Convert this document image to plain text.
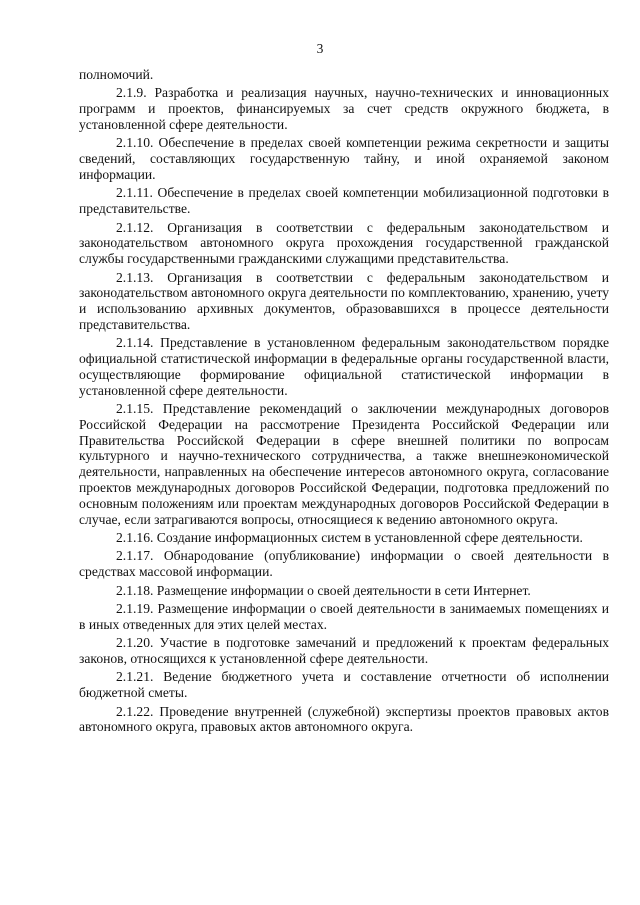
3

полномочий.

2.1.9. Разработка и реализация научных, научно-технических и инновационных программ и проектов, финансируемых за счет средств окружного бюджета, в установленной сфере деятельности.

2.1.10. Обеспечение в пределах своей компетенции режима секретности и защиты сведений, составляющих государственную тайну, и иной охраняемой законом информации.

2.1.11. Обеспечение в пределах своей компетенции мобилизационной подготовки в представительстве.

2.1.12. Организация в соответствии с федеральным законодательством и законодательством автономного округа прохождения государственной гражданской службы государственными гражданскими служащими представительства.

2.1.13. Организация в соответствии с федеральным законодательством и законодательством автономного округа деятельности по комплектованию, хранению, учету и использованию архивных документов, образовавшихся в процессе деятельности представительства.

2.1.14. Представление в установленном федеральным законодательством порядке официальной статистической информации в федеральные органы государственной власти, осуществляющие формирование официальной статистической информации в установленной сфере деятельности.

2.1.15. Представление рекомендаций о заключении международных договоров Российской Федерации на рассмотрение Президента Российской Федерации или Правительства Российской Федерации в сфере внешней политики по вопросам культурного и научно-технического сотрудничества, а также внешнеэкономической деятельности, направленных на обеспечение интересов автономного округа, согласование проектов международных договоров Российской Федерации, подготовка предложений по основным положениям или проектам международных договоров Российской Федерации в случае, если затрагиваются вопросы, относящиеся к ведению автономного округа.

2.1.16. Создание информационных систем в установленной сфере деятельности.

2.1.17. Обнародование (опубликование) информации о своей деятельности в средствах массовой информации.

2.1.18. Размещение информации о своей деятельности в сети Интернет.

2.1.19. Размещение информации о своей деятельности в занимаемых помещениях и в иных отведенных для этих целей местах.

2.1.20. Участие в подготовке замечаний и предложений к проектам федеральных законов, относящихся к установленной сфере деятельности.

2.1.21. Ведение бюджетного учета и составление отчетности об исполнении бюджетной сметы.

2.1.22. Проведение внутренней (служебной) экспертизы проектов правовых актов автономного округа, правовых актов автономного округа.
